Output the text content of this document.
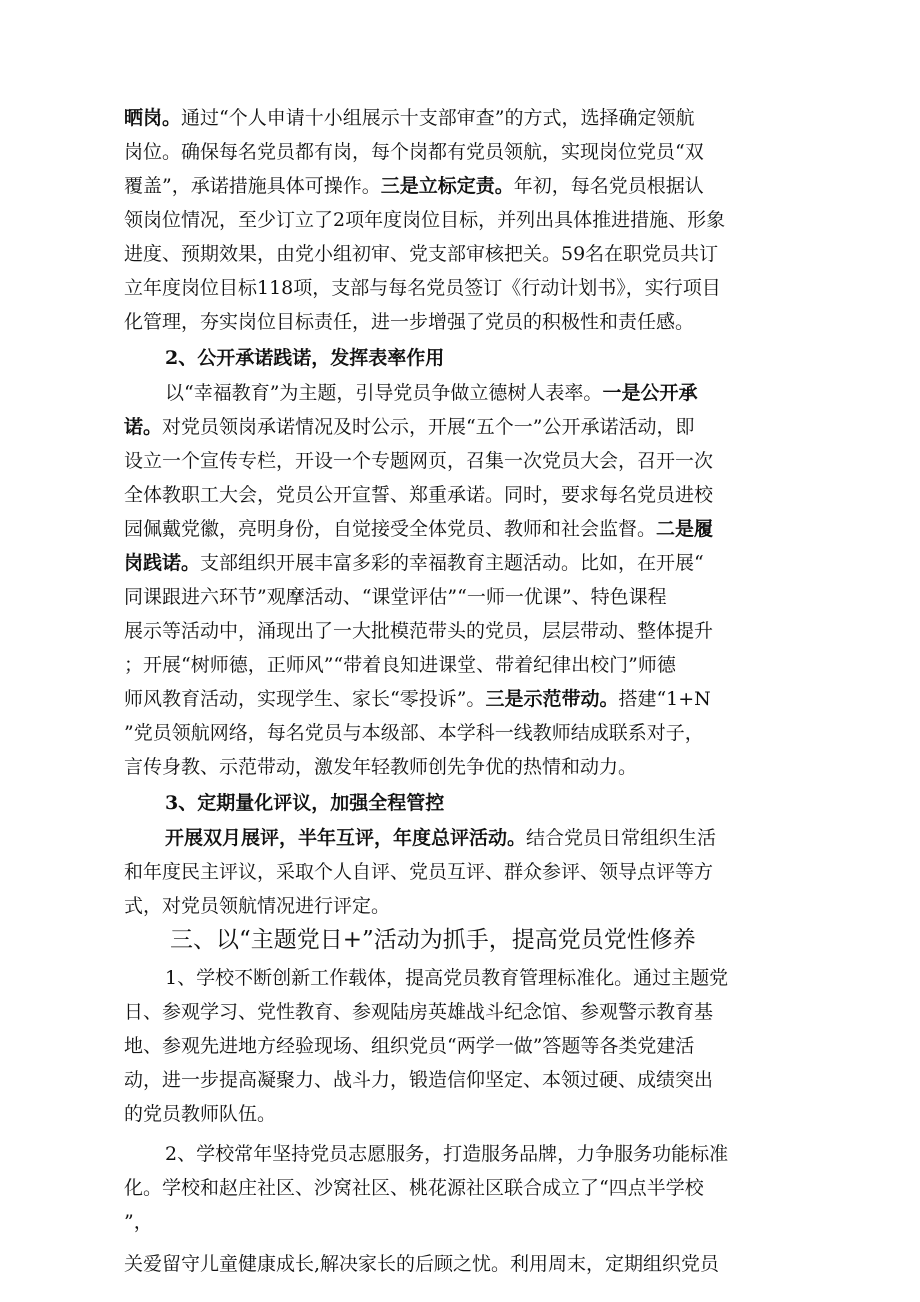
晒岗。通过“个人申请十小组展示十支部审查”的方式，选择确定领航
岗位。确保每名党员都有岗，每个岗都有党员领航，实现岗位党员“双
覆盖”，承诺措施具体可操作。三是立标定责。年初，每名党员根据认
领岗位情况，至少订立了2项年度岗位目标，并列出具体推进措施、形象
进度、预期效果，由党小组初审、党支部审核把关。59名在职党员共订
立年度岗位目标118项，支部与每名党员签订《行动计划书》，实行项目
化管理，夯实岗位目标责任，进一步增强了党员的积极性和责任感。
2、公开承诺践诺，发挥表率作用
以“幸福教育”为主题，引导党员争做立德树人表率。一是公开承
诺。对党员领岗承诺情况及时公示，开展“五个一”公开承诺活动，即
设立一个宣传专栏，开设一个专题网页，召集一次党员大会，召开一次
全体教职工大会，党员公开宣誓、郑重承诺。同时，要求每名党员进校
园佩戴党徽，亮明身份，自觉接受全体党员、教师和社会监督。二是履
岗践诺。支部组织开展丰富多彩的幸福教育主题活动。比如，在开展“
同课跟进六环节”观摩活动、“课堂评估”“一师一优课”、特色课程
展示等活动中，涌现出了一大批模范带头的党员，层层带动、整体提升
；开展“树师德，正师风”“带着良知进课堂、带着纪律出校门”师德
师风教育活动，实现学生、家长“零投诉”。三是示范带动。搭建“1+N
”党员领航网络，每名党员与本级部、本学科一线教师结成联系对子，
言传身教、示范带动，激发年轻教师创先争优的热情和动力。
3、定期量化评议，加强全程管控
开展双月展评，半年互评，年度总评活动。结合党员日常组织生活
和年度民主评议，采取个人自评、党员互评、群众参评、领导点评等方
式，对党员领航情况进行评定。
三、以“主题党日+”活动为抓手，提高党员党性修养
1、学校不断创新工作载体，提高党员教育管理标准化。通过主题党
日、参观学习、党性教育、参观陆房英雄战斗纪念馆、参观警示教育基
地、参观先进地方经验现场、组织党员“两学一做”答题等各类党建活
动，进一步提高凝聚力、战斗力，锻造信仰坚定、本领过硬、成绩突出
的党员教师队伍。
2、学校常年坚持党员志愿服务，打造服务品牌，力争服务功能标准
化。学校和赵庄社区、沙窝社区、桃花源社区联合成立了“四点半学校
”，
关爱留守儿童健康成长,解决家长的后顾之忧。利用周末，定期组织党员
